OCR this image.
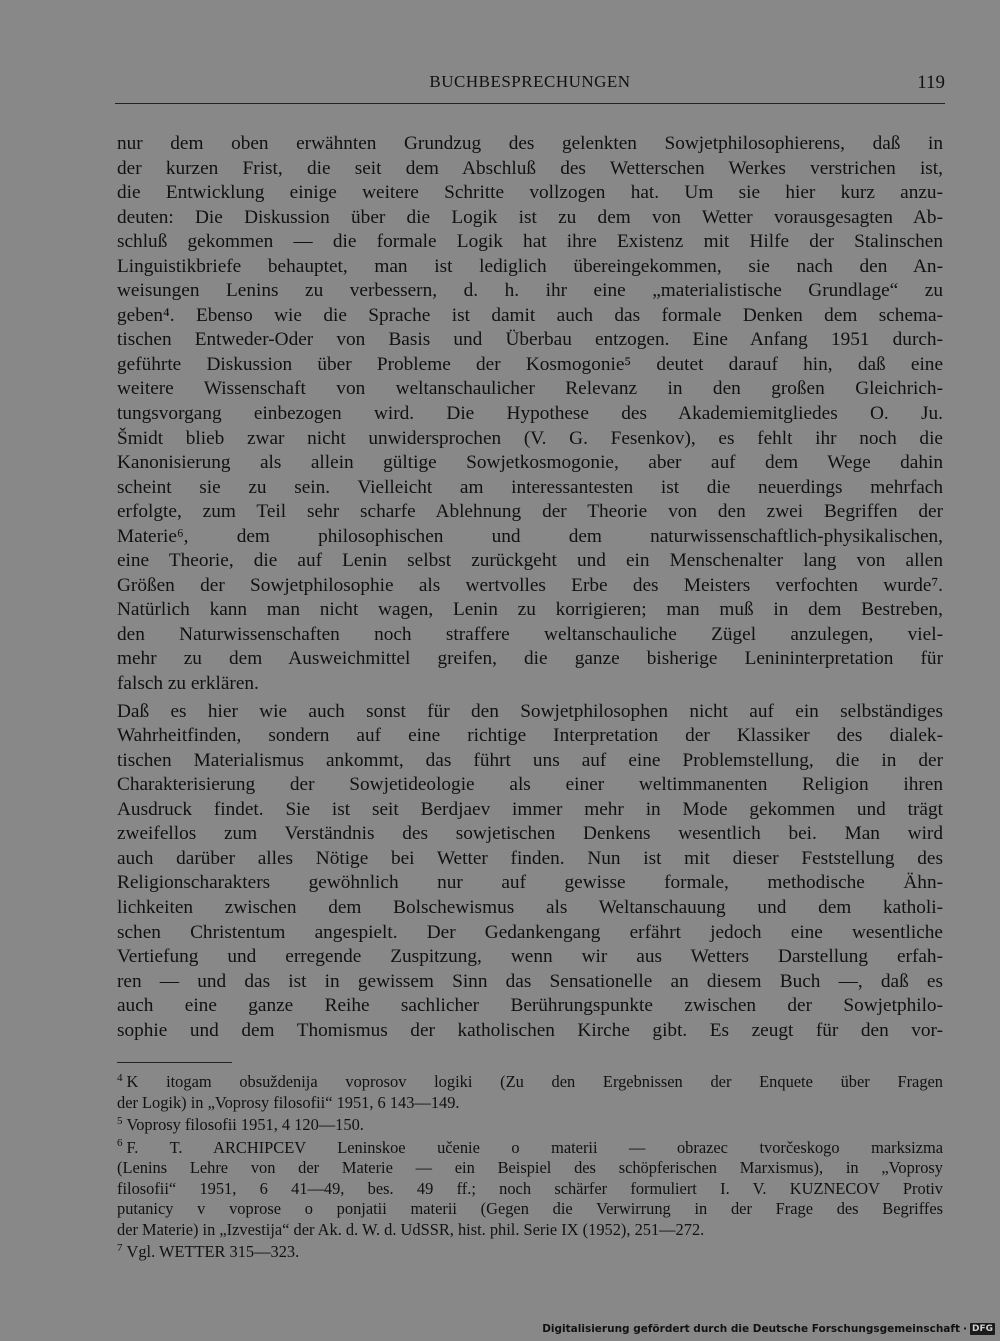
BUCHBESPRECHUNGEN	119

nur dem oben erwähnten Grundzug des gelenkten Sowjetphilosophierens, daß in
der kurzen Frist, die seit dem Abschluß des Wetterschen Werkes verstrichen ist,
die Entwicklung einige weitere Schritte vollzogen hat. Um sie hier kurz anzu-
deuten: Die Diskussion über die Logik ist zu dem von Wetter vorausgesagten Ab-
schluß gekommen — die formale Logik hat ihre Existenz mit Hilfe der Stalinschen
Linguistikbriefe behauptet, man ist lediglich übereingekommen, sie nach den An-
weisungen Lenins zu verbessern, d. h. ihr eine „materialistische Grundlage“ zu
geben⁴. Ebenso wie die Sprache ist damit auch das formale Denken dem schema-
tischen Entweder-Oder von Basis und Überbau entzogen. Eine Anfang 1951 durch-
geführte Diskussion über Probleme der Kosmogonie⁵ deutet darauf hin, daß eine
weitere Wissenschaft von weltanschaulicher Relevanz in den großen Gleichrich-
tungsvorgang einbezogen wird. Die Hypothese des Akademiemitgliedes O. Ju.
Šmidt blieb zwar nicht unwidersprochen (V. G. Fesenkov), es fehlt ihr noch die
Kanonisierung als allein gültige Sowjetkosmogonie, aber auf dem Wege dahin
scheint sie zu sein. Vielleicht am interessantesten ist die neuerdings mehrfach
erfolgte, zum Teil sehr scharfe Ablehnung der Theorie von den zwei Begriffen der
Materie⁶, dem philosophischen und dem naturwissenschaftlich-physikalischen,
eine Theorie, die auf Lenin selbst zurückgeht und ein Menschenalter lang von allen
Größen der Sowjetphilosophie als wertvolles Erbe des Meisters verfochten wurde⁷.
Natürlich kann man nicht wagen, Lenin zu korrigieren; man muß in dem Bestreben,
den Naturwissenschaften noch straffere weltanschauliche Zügel anzulegen, viel-
mehr zu dem Ausweichmittel greifen, die ganze bisherige Lenininterpretation für
falsch zu erklären.

Daß es hier wie auch sonst für den Sowjetphilosophen nicht auf ein selbständiges
Wahrheitfinden, sondern auf eine richtige Interpretation der Klassiker des dialek-
tischen Materialismus ankommt, das führt uns auf eine Problemstellung, die in der
Charakterisierung der Sowjetideologie als einer weltimmanenten Religion ihren
Ausdruck findet. Sie ist seit Berdjaev immer mehr in Mode gekommen und trägt
zweifellos zum Verständnis des sowjetischen Denkens wesentlich bei. Man wird
auch darüber alles Nötige bei Wetter finden. Nun ist mit dieser Feststellung des
Religionscharakters gewöhnlich nur auf gewisse formale, methodische Ähn-
lichkeiten zwischen dem Bolschewismus als Weltanschauung und dem katholi-
schen Christentum angespielt. Der Gedankengang erfährt jedoch eine wesentliche
Vertiefung und erregende Zuspitzung, wenn wir aus Wetters Darstellung erfah-
ren — und das ist in gewissem Sinn das Sensationelle an diesem Buch —, daß es
auch eine ganze Reihe sachlicher Berührungspunkte zwischen der Sowjetphilo-
sophie und dem Thomismus der katholischen Kirche gibt. Es zeugt für den vor-

$^4$ K itogam obsuždenija voprosov logiki (Zu den Ergebnissen der Enquete über Fragen
der Logik) in „Voprosy filosofii“ 1951, 6 143—149.
$^5$ Voprosy filosofii 1951, 4 120—150.
$^6$ F. T. ARCHIPCEV Leninskoe učenie o materii — obrazec tvorčeskogo marksizma
(Lenins Lehre von der Materie — ein Beispiel des schöpferischen Marxismus), in „Voprosy
filosofii“ 1951, 6 41—49, bes. 49 ff.; noch schärfer formuliert I. V. KUZNECOV Protiv
putanicy v voprose o ponjatii materii (Gegen die Verwirrung in der Frage des Begriffes
der Materie) in „Izvestija“ der Ak. d. W. d. UdSSR, hist. phil. Serie IX (1952), 251—272.
$^7$ Vgl. WETTER 315—323.
Digitalisierung gefördert durch die Deutsche Forschungsgemeinschaft · DFG
